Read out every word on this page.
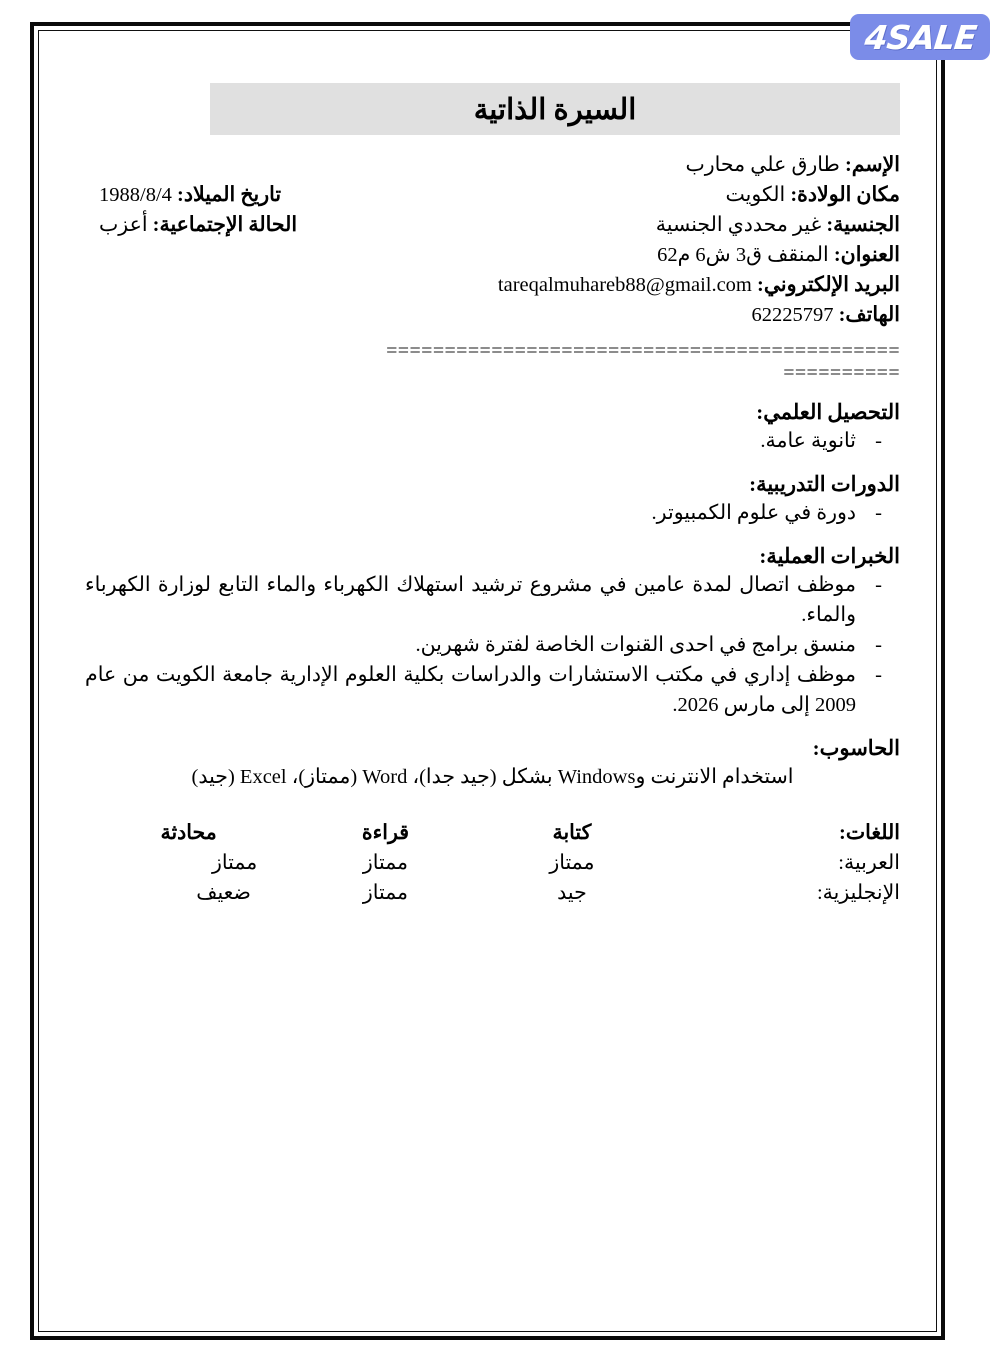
4SALE
السيرة الذاتية
الإسم: طارق علي محارب
مكان الولادة: الكويت
تاريخ الميلاد: 1988/8/4
الجنسية: غير محددي الجنسية
الحالة الإجتماعية: أعزب
العنوان: المنقف ق3 ش6 م62
البريد الإلكتروني: tareqalmuhareb88@gmail.com
الهاتف: 62225797
============================================
==========
التحصيل العلمي:
-
ثانوية عامة.
الدورات التدريبية:
-
دورة في علوم الكمبيوتر.
الخبرات العملية:
-
موظف اتصال لمدة عامين في مشروع ترشيد استهلاك الكهرباء والماء التابع لوزارة الكهرباء والماء.
-
منسق برامج في احدى القنوات الخاصة لفترة شهرين.
-
موظف إداري في مكتب الاستشارات والدراسات بكلية العلوم الإدارية جامعة الكويت من عام 2009 إلى مارس 2026.
الحاسوب:
استخدام الانترنت وWindows بشكل (جيد جدا)، Word (ممتاز)، Excel (جيد)
اللغات:	كتابة	قراءة	محادثة
العربية:	ممتاز	ممتاز	ممتاز
الإنجليزية:	جيد	ممتاز	ضعيف
